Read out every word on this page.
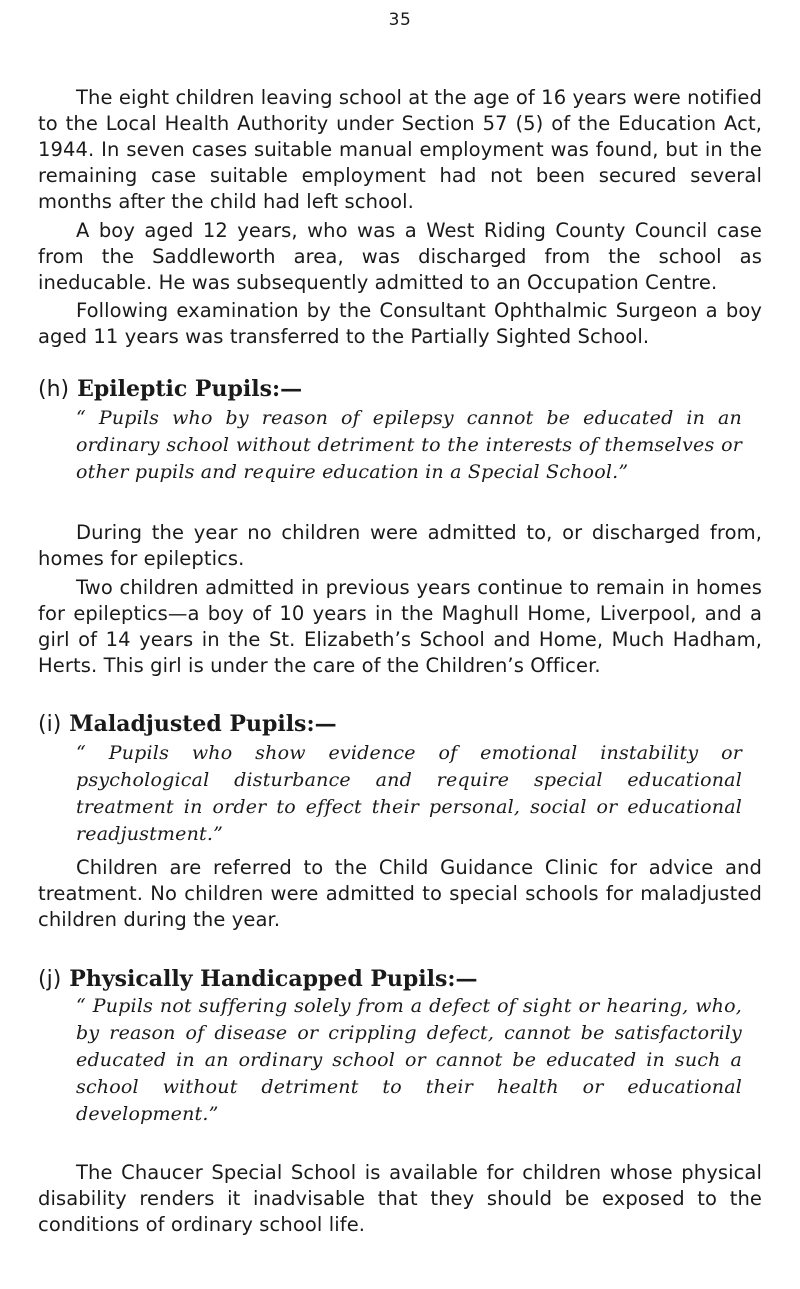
35

The eight children leaving school at the age of 16 years were notified to the Local Health Authority under Section 57 (5) of the Education Act, 1944. In seven cases suitable manual employment was found, but in the remaining case suitable employment had not been secured several months after the child had left school.

A boy aged 12 years, who was a West Riding County Council case from the Saddleworth area, was discharged from the school as ineducable. He was subsequently admitted to an Occupation Centre.

Following examination by the Consultant Ophthalmic Surgeon a boy aged 11 years was transferred to the Partially Sighted School.

(h) Epileptic Pupils:—

“ Pupils who by reason of epilepsy cannot be educated in an ordinary school without detriment to the interests of themselves or other pupils and require education in a Special School.”

During the year no children were admitted to, or discharged from, homes for epileptics.

Two children admitted in previous years continue to remain in homes for epileptics—a boy of 10 years in the Maghull Home, Liverpool, and a girl of 14 years in the St. Elizabeth’s School and Home, Much Hadham, Herts. This girl is under the care of the Children’s Officer.

(i) Maladjusted Pupils:—

“ Pupils who show evidence of emotional instability or psychological disturbance and require special educational treatment in order to effect their personal, social or educational readjustment.”

Children are referred to the Child Guidance Clinic for advice and treatment. No children were admitted to special schools for maladjusted children during the year.

(j) Physically Handicapped Pupils:—

“ Pupils not suffering solely from a defect of sight or hearing, who, by reason of disease or crippling defect, cannot be satisfactorily educated in an ordinary school or cannot be educated in such a school without detriment to their health or educational development.”

The Chaucer Special School is available for children whose physical disability renders it inadvisable that they should be exposed to the conditions of ordinary school life.
